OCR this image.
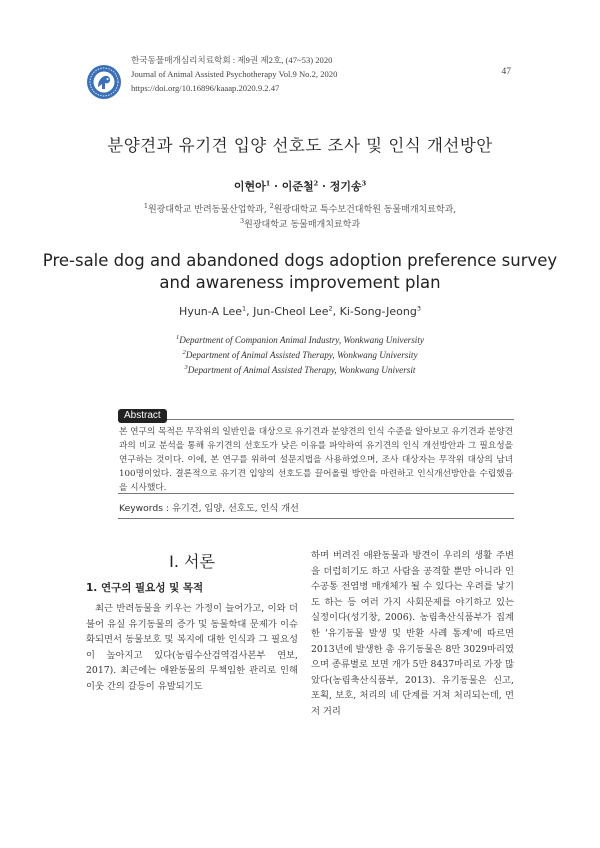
한국동물매개심리치료학회 : 제9권 제2호, (47~53) 2020
Journal of Animal Assisted Psychotherapy Vol.9 No.2, 2020
https://doi.org/10.16896/kaaap.2020.9.2.47
47
분양견과 유기견 입양 선호도 조사 및 인식 개선방안
이현아$^1$ · 이준철$^2$ · 정기송$^3$
$^1$원광대학교 반려동물산업학과, $^2$원광대학교 특수보건대학원 동물매개치료학과,
$^3$원광대학교 동물매개치료학과
Pre-sale dog and abandoned dogs adoption preference survey
and awareness improvement plan
Hyun-A Lee$^1$, Jun-Cheol Lee$^2$, Ki-Song-Jeong$^3$
$^1$Department of Companion Animal Industry, Wonkwang University
$^2$Department of Animal Assisted Therapy, Wonkwang University
$^3$Department of Animal Assisted Therapy, Wonkwang Universit
Abstract
본 연구의 목적은 무작위의 일반인을 대상으로 유기견과 분양견의 인식 수준을 알아보고 유기견과 분양견과의 비교 분석을 통해 유기견의 선호도가 낮은 이유를 파악하여 유기견의 인식 개선방안과 그 필요성을 연구하는 것이다. 이에, 본 연구를 위하여 설문지법을 사용하였으며, 조사 대상자는 무작위 대상의 남녀 100명이었다. 결론적으로 유기견 입양의 선호도를 끌어올릴 방안을 마련하고 인식개선방안을 수립했음을 시사했다.
Keywords : 유기견, 입양, 선호도, 인식 개선
Ⅰ. 서론
1. 연구의 필요성 및 목적

최근 반려동물을 키우는 가정이 늘어가고, 이와 더불어 유실 유기동물의 증가 및 동물학대 문제가 이슈화되면서 동물보호 및 복지에 대한 인식과 그 필요성이 높아지고 있다(농림수산검역검사본부 연보, 2017). 최근에는 애완동물의 무책임한 관리로 인해 이웃 간의 갈등이 유발되기도

하며 버려진 애완동물과 방견이 우리의 생활 주변을 더럽히기도 하고 사람을 공격할 뿐만 아니라 인수공통 전염병 매개체가 될 수 있다는 우려를 낳기도 하는 등 여러 가지 사회문제를 야기하고 있는 실정이다(성기창, 2006). 농림축산식품부가 집계한 '유기동물 발생 및 반환 사례 통계'에 따르면 2013년에 발생한 총 유기동물은 8만 3029마리였으며 종류별로 보면 개가 5만 8437마리로 가장 많았다(농림축산식품부, 2013). 유기동물은 신고, 포획, 보호, 처리의 네 단계를 거쳐 처리되는데, 먼저 거리
